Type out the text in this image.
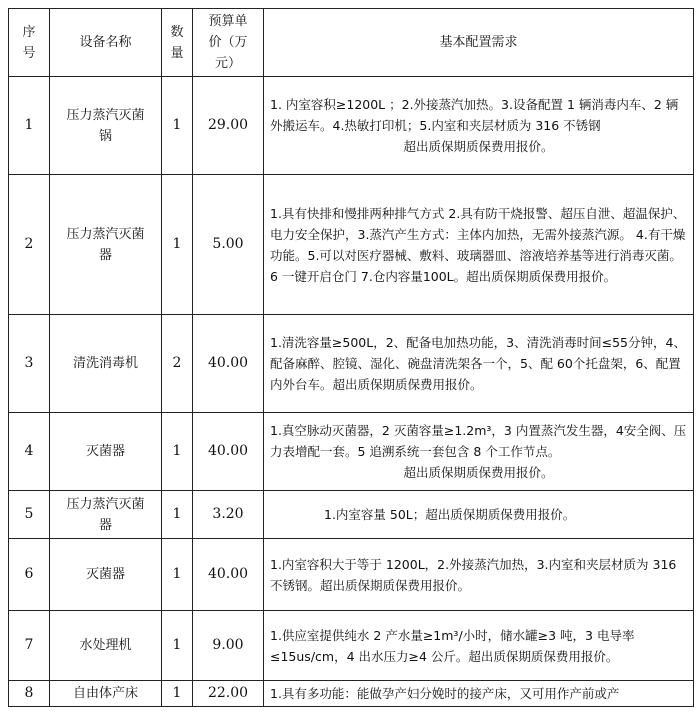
序号	设备名称	数量	预算单价（万元）	基本配置需求
1	压力蒸汽灭菌锅	1	29.00	1. 内室容积≥1200L ；2.外接蒸汽加热。3.设备配置 1 辆消毒内车、2 辆外搬运车。4.热敏打印机；5.内室和夹层材质为 316 不锈钢
超出质保期质保费用报价。

2	压力蒸汽灭菌器	1	5.00	1.具有快排和慢排两种排气方式 2.具有防干烧报警、超压自泄、超温保护、电力安全保护，3.蒸汽产生方式：主体内加热，无需外接蒸汽源。 4.有干燥功能。5.可以对医疗器械、敷料、玻璃器皿、溶液培养基等进行消毒灭菌。6 一键开启仓门 7.仓内容量100L。超出质保期质保费用报价。
3	清洗消毒机	2	40.00	1.清洗容量≥500L，2、配备电加热功能，3、清洗消毒时间≤55分钟，4、配备麻醉、腔镜、湿化、碗盘清洗架各一个，5、配 60个托盘架，6、配置内外台车。超出质保期质保费用报价。
4	灭菌器	1	40.00	1.真空脉动灭菌器，2 灭菌容量≥1.2m³，3 内置蒸汽发生器，4安全阀、压力表增配一套。5 追溯系统一套包含 8 个工作节点。
超出质保期质保费用报价。

5	压力蒸汽灭菌器	1	3.20	1.内室容量 50L；超出质保期质保费用报价。
6	灭菌器	1	40.00	1.内室容积大于等于 1200L，2.外接蒸汽加热，3.内室和夹层材质为 316 不锈钢。超出质保期质保费用报价。
7	水处理机	1	9.00	1.供应室提供纯水 2 产水量≥1m³/小时，储水罐≥3 吨，3 电导率≤15us/cm，4 出水压力≥4 公斤。超出质保期质保费用报价。
8	自由体产床	1	22.00	1.具有多功能：能做孕产妇分娩时的接产床，又可用作产前或产
